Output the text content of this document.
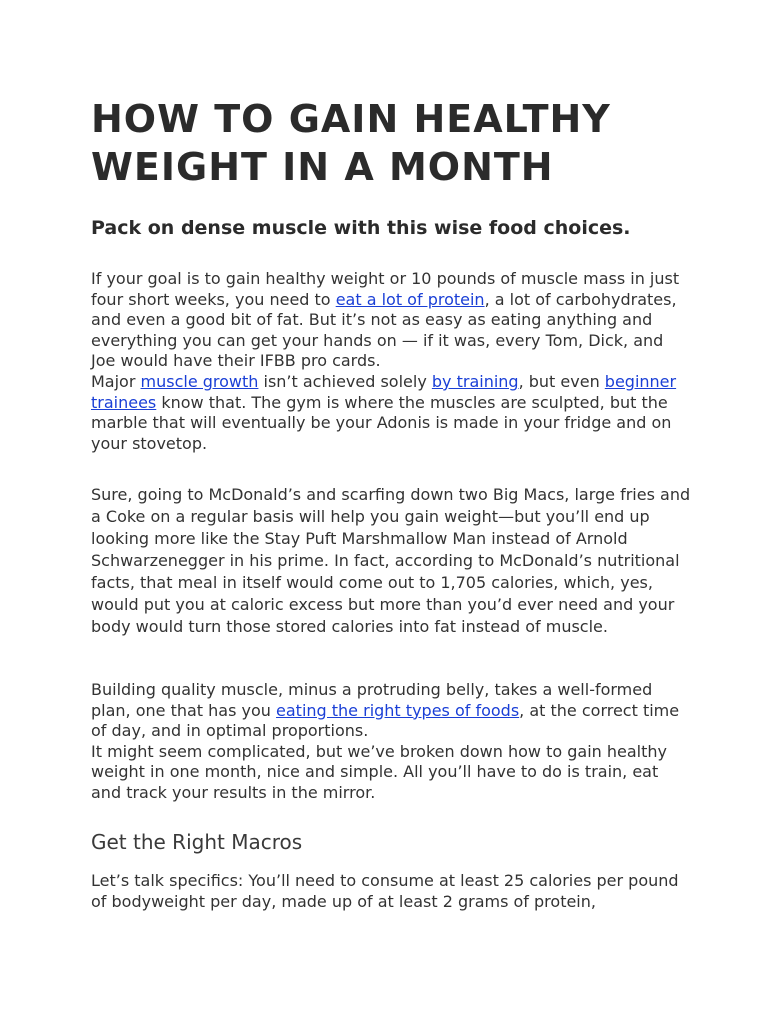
HOW TO GAIN HEALTHY
WEIGHT IN A MONTH

Pack on dense muscle with this wise food choices.

If your goal is to gain healthy weight or 10 pounds of muscle mass in just four short weeks, you need to eat a lot of protein, a lot of carbohydrates, and even a good bit of fat. But it’s not as easy as eating anything and everything you can get your hands on — if it was, every Tom, Dick, and Joe would have their IFBB pro cards.

Major muscle growth isn’t achieved solely by training, but even beginner trainees know that. The gym is where the muscles are sculpted, but the marble that will eventually be your Adonis is made in your fridge and on your stovetop.

Sure, going to McDonald’s and scarfing down two Big Macs, large fries and a Coke on a regular basis will help you gain weight—but you’ll end up looking more like the Stay Puft Marshmallow Man instead of Arnold Schwarzenegger in his prime. In fact, according to McDonald’s nutritional facts, that meal in itself would come out to 1,705 calories, which, yes, would put you at caloric excess but more than you’d ever need and your body would turn those stored calories into fat instead of muscle.

Building quality muscle, minus a protruding belly, takes a well-formed plan, one that has you eating the right types of foods, at the correct time of day, and in optimal proportions.

It might seem complicated, but we’ve broken down how to gain healthy weight in one month, nice and simple. All you’ll have to do is train, eat and track your results in the mirror.

Get the Right Macros

Let’s talk specifics: You’ll need to consume at least 25 calories per pound of bodyweight per day, made up of at least 2 grams of protein,
